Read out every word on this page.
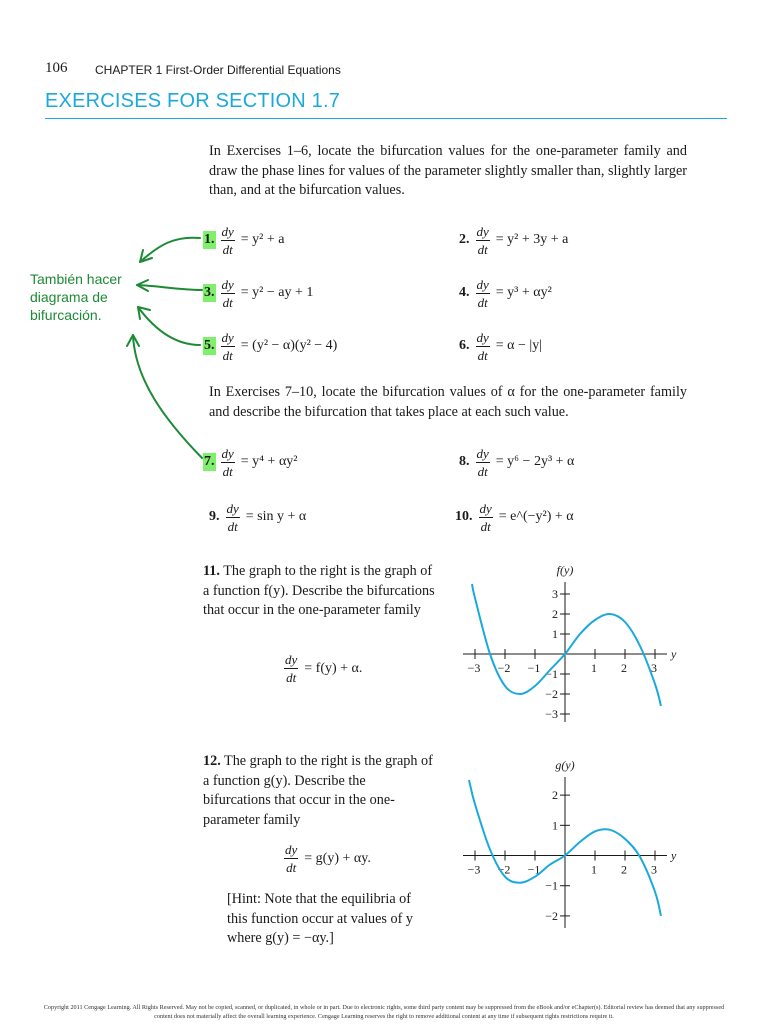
106 CHAPTER 1 First-Order Differential Equations
EXERCISES FOR SECTION 1.7
In Exercises 1–6, locate the bifurcation values for the one-parameter family and draw the phase lines for values of the parameter slightly smaller than, slightly larger than, and at the bifurcation values.
1. $\frac{dy}{dt} = y^2 + a$	2. $\frac{dy}{dt} = y^2 + 3y + a$
3. $\frac{dy}{dt} = y^2$ − ay + 1	4. $\frac{dy}{dt} = y^3 + \alpha y^2$
5. $\frac{dy}{dt} = (y^2 - \alpha)(y^2 - 4)$	6. $\frac{dy}{dt} = \alpha - |y|$
In Exercises 7–10, locate the bifurcation values of α for the one-parameter family and describe the bifurcation that takes place at each such value.
7. $\frac{dy}{dt} = y^4 + \alpha y^2$	8. $\frac{dy}{dt} = y^6 - 2y^3 + \alpha$
9. $\frac{dy}{dt} = \sin y + \alpha$	10. $\frac{dy}{dt}$ = e^(−y²) + α
También hacer diagrama de bifurcación.
11. The graph to the right is the graph of a function f(y). Describe the bifurcations that occur in the one-parameter family
$\frac{dy}{dt} = f(y) + \alpha$.	−3 −2 −1	1 2 3
−3
−2
−1
1
2
3
f(y)
y
12. The graph to the right is the graph of a function g(y). Describe the bifurcations that occur in the one-parameter family
$\frac{dy}{dt} = g(y) + \alpha y$.
[Hint: Note that the equilibria of this function occur at values of y where g(y) = −αy.]
−3 −2 −1	1 2 3
−2
−1
1
2
g(y)
y
Copyright 2011 Cengage Learning. All Rights Reserved. May not be copied, scanned, or duplicated, in whole or in part. Due to electronic rights, some third party content may be suppressed from the eBook and/or eChapter(s). Editorial review has deemed that any suppressed content does not materially affect the overall learning experience. Cengage Learning reserves the right to remove additional content at any time if subsequent rights restrictions require it.
